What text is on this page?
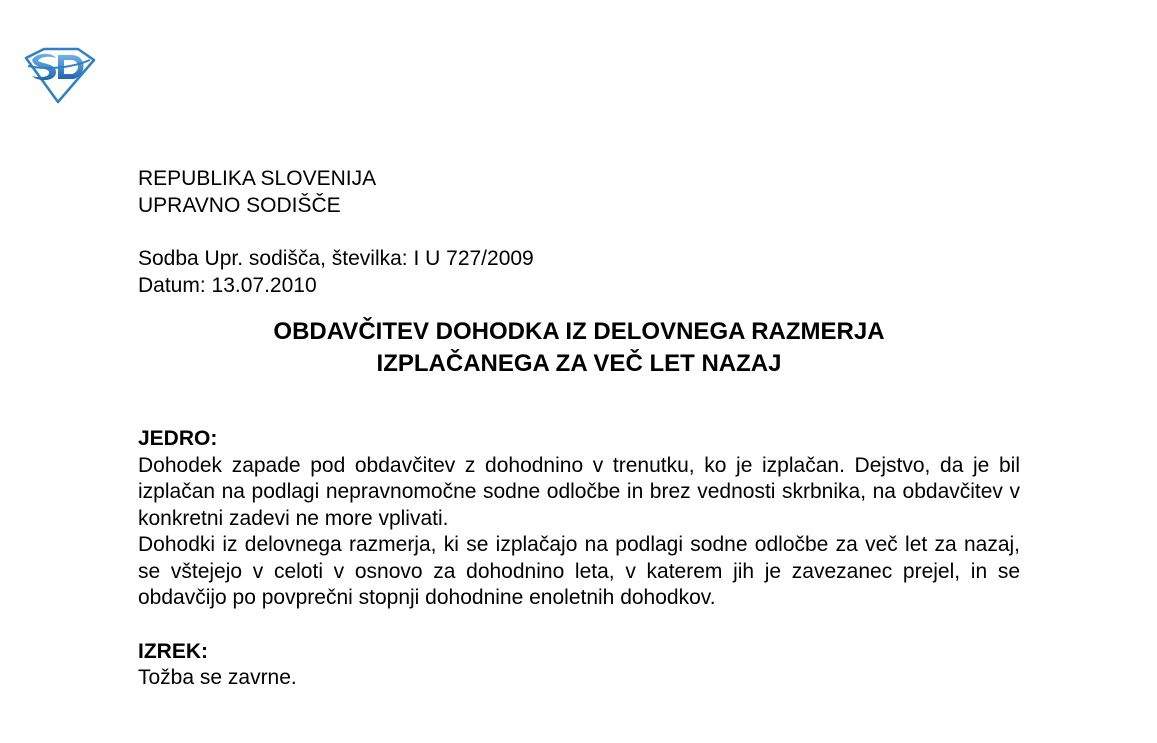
REPUBLIKA SLOVENIJA
UPRAVNO SODIŠČE
Sodba Upr. sodišča, številka: I U 727/2009
Datum: 13.07.2010
OBDAVČITEV DOHODKA IZ DELOVNEGA RAZMERJA
IZPLAČANEGA ZA VEČ LET NAZAJ
JEDRO:

Dohodek zapade pod obdavčitev z dohodnino v trenutku, ko je izplačan. Dejstvo, da je bil izplačan na podlagi nepravnomočne sodne odločbe in brez vednosti skrbnika, na obdavčitev v konkretni zadevi ne more vplivati.

Dohodki iz delovnega razmerja, ki se izplačajo na podlagi sodne odločbe za več let za nazaj, se vštejejo v celoti v osnovo za dohodnino leta, v katerem jih je zavezanec prejel, in se obdavčijo po povprečni stopnji dohodnine enoletnih dohodkov.

IZREK:

Tožba se zavrne.
